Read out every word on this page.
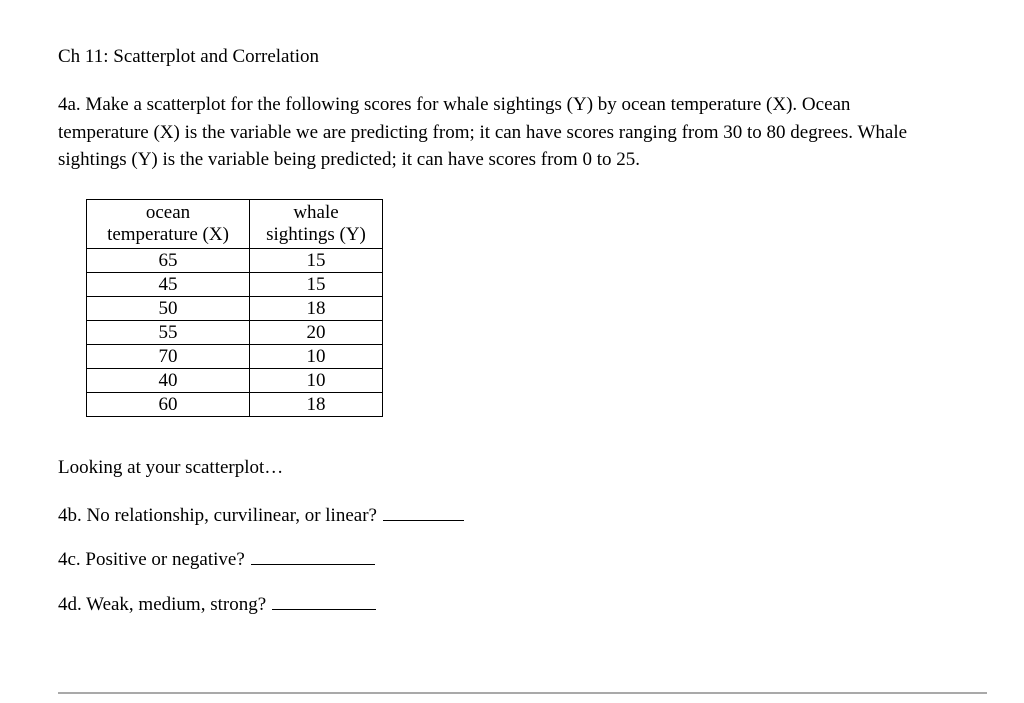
Ch 11: Scatterplot and Correlation
4a. Make a scatterplot for the following scores for whale sightings (Y) by ocean temperature (X). Ocean
temperature (X) is the variable we are predicting from; it can have scores ranging from 30 to 80 degrees. Whale
sightings (Y) is the variable being predicted; it can have scores from 0 to 25.
ocean
temperature (X)	whale
sightings (Y)

65	15
45	15
50	18
55	20
70	10
40	10
60	18
Looking at your scatterplot…
4b. No relationship, curvilinear, or linear?
4c. Positive or negative?
4d. Weak, medium, strong?
